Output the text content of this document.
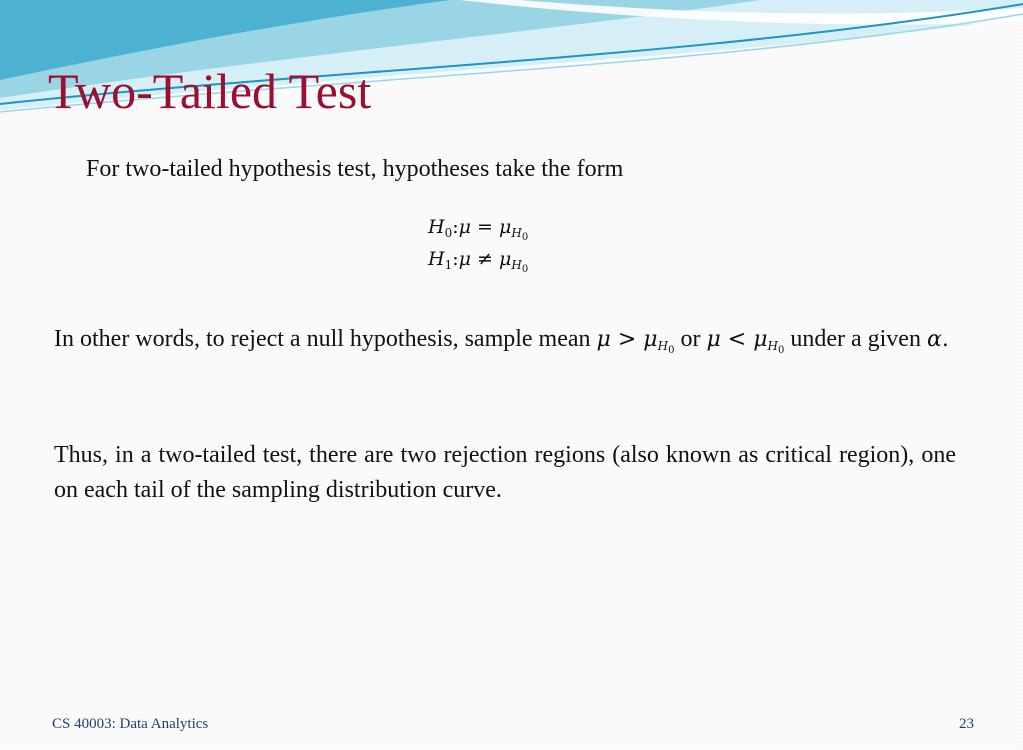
Two-Tailed Test
For two-tailed hypothesis test, hypotheses take the form
$H_0:\mu = \mu_{H_0}$
$H_1:\mu \ne \mu_{H_0}$
In other words, to reject a null hypothesis, sample mean $\mu > \mu_{H_0}$ or $\mu < \mu_{H_0}$ under a given α.
Thus, in a two-tailed test, there are two rejection regions (also known as critical region), one on each tail of the sampling distribution curve.
CS 40003: Data Analytics	23
